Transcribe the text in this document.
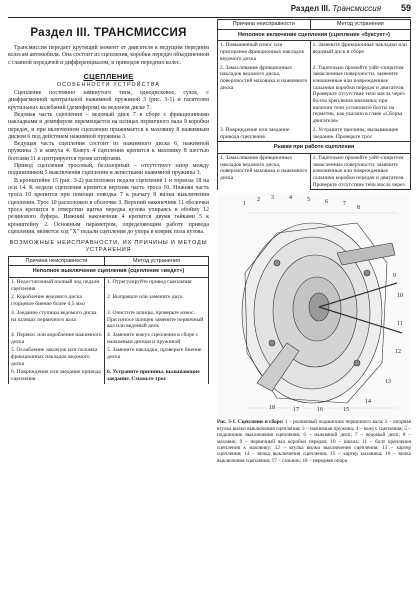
Раздел III. Трансмиссия 59
Раздел III. ТРАНСМИССИЯ

Трансмиссия передает крутящий момент от двигателя к ведущим передним колесам автомобиля. Она состоит из сцепления, коробки передач объединенной с главной передачей и дифференциалом, и приводов передних колес.

СЦЕПЛЕНИЕ
ОСОБЕННОСТИ УСТРОЙСТВА

Сцепление постоянно замкнутого типа, однодисковое, сухое, с диафрагменной центральной нажимной пружиной 3 (рис. 3-1) и гасителем крутильных колебаний (демпфером) на ведомом диске 7.

Ведомая часть сцепления – ведомый диск 7 в сборе с фрикционными накладками и демпфером перемещается на шлицах первичного вала 9 коробки передач, и при включенном сцеплении прижимается к маховику 8 нажимным диском 6 под действием нажимной пружины 3.

Ведущая часть сцепления состоит из нажимного диска 6, нажимной пружины 3 и кожуха 4. Кожух 4 сцепления крепится к маховику 8 шестью болтами 11 и центрируется тремя штифтами.

Привод сцепления тросовый, беззазорный – отсутствует зазор между подшипником 5 выключения сцепления и лепестками нажимной пружины 3.

В кронштейне 15 (рис. 3-2) расположен педали сцепления 1 и тормоза 18 на оси 14. К педали сцепления крепится верхняя часть троса 10. Нижняя часть троса 10 крепится при помощи поводка 7 к рычагу 8 вилки выключения сцепления. Трос 10 расположен в оболочке 3. Верхний наконечник 11 оболочки троса крепится в отверстии щитка передка кузова упираясь в обойму 12 резинового буфера. Нижний наконечник 4 крепится двумя гайками 5 к кронштейну 2. Основным параметром, определяющим работу привода сцепления, является ход "Х" педали сцепления до упора в коврик пола кузова.

ВОЗМОЖНЫЕ НЕИСПРАВНОСТИ, ИХ ПРИЧИНЫ И МЕТОДЫ УСТРАНЕНИЯ
Причина неисправности	Метод устранения
Неполное выключение сцепления (сцепление «ведет»)	
1. Недостаточный полный ход педали сцепления	1. Отрегулируйте привод сцепления
2. Коробление ведомого диска (торцевое биение более 0,5 мм)	2. Выправьте или замените диск
3. Заедание ступицы ведомого диска на шлицах первичного вала	3. Очистите шлицы, проверьте износ. При износе шлицев замените первичный вал или ведомый диск
4. Перекос или коробление нажимного диска	4. Замените кожух сцепления в сборе с нажимным диском и пружиной
5. Ослабление заклепок или поломка фрикционных накладок ведомого диска	5. Замените накладки, проверьте биение диска
6. Повреждение или заедание привода сцепления	6. Устраните причины, вызывающие заедание. Смажьте трос
Причина неисправности	Метод устранения
Неполное включение сцепления (сцепление «буксует»)	
1. Повышенный износ или пригорание фрикционных накладок ведомого диска	1. Замените фрикционные накладки или ведомый диск в сборе
2. Замасливание фрикционных накладок ведомого диска, поверхностей маховика и нажимного диска	2. Тщательно промойте уайт-спиритом замасленные поверхности, замените изношенные или поврежденные сальники коробки передач и двигателя. Проверьте отсутствие течи масла через болты крепления маховика; при наличии течи установите болты на герметик, как указано в главе «Сборка двигателя»
3. Повреждение или заедание привода сцепления	3. Устраните причины, вызывающие заедание. Проверьте трос
Рывки при работе сцепления	
1. Замасливание фрикционных накладок ведомого диска, поверхностей маховика и нажимного диска	1. Тщательно промойте уайт-спиритом замасленные поверхности, замените изношенные или поврежденные сальники коробки передач и двигателя. Проверьте отсутствие течи масла через
1
2 3	4	5	6	7
8
9
10
11
12
13
14
15
16
17
18
Рис. 3-1. Сцепление в сборе: 1 – роликовый подшипник первичного вала; 2 – опорная втулка вилки выключения сцепления; 3 – нажимная пружина; 4 – кожух сцепления; 5 – подшипник выключения сцепления; 6 – нажимной диск; 7 – ведомый диск; 8 – маховик; 9 – первичный вал коробки передач; 10 – шкала; 11 – болт крепления сцепления к маховику; 12 – втулка вилки выключения сцепления; 13 – картер сцепления; 14 – вилка выключения сцепления; 15 – картер маховика; 16 – вилка выключения сцепления; 17 – сальник; 18 – передняя опора
